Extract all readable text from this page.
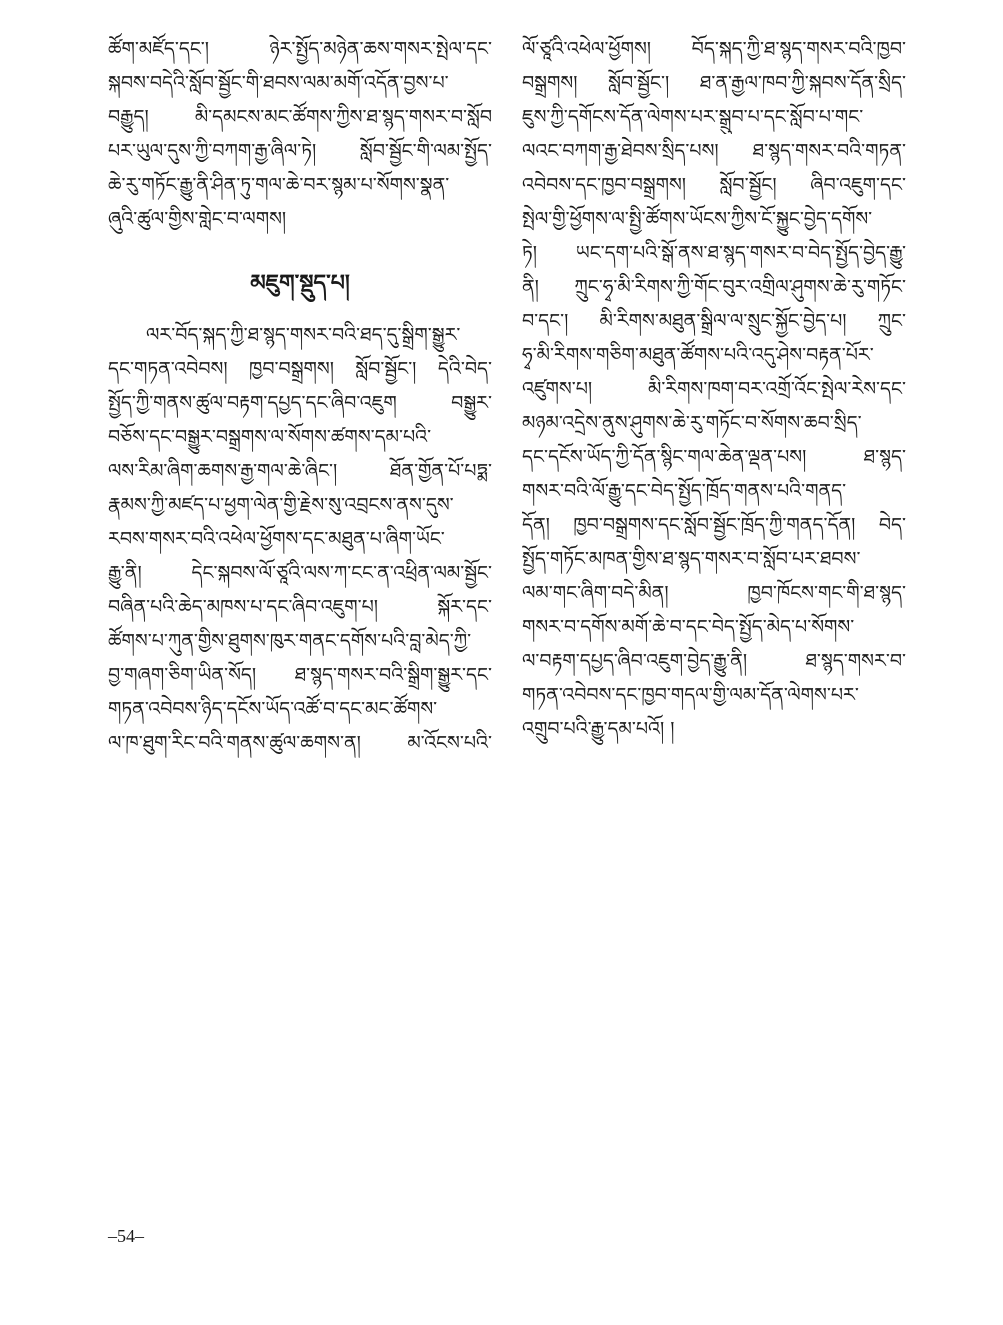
ཚོག་མཛོད་དང་། ཉེར་སྤྱོད་མཉེན་ཆས་གསར་སྤེལ་དང་
སྐབས་བདེའི་སློབ་སྦྱོང་གི་ཐབས་ལམ་མགོ་འདོན་བྱས་པ་
བརྒྱུད། མི་དམངས་མང་ཚོགས་ཀྱིས་ཐ་སྙད་གསར་བ་སློབ
པར་ཡུལ་དུས་ཀྱི་བཀག་རྒྱ་ཞིལ་ཏེ། སློབ་སྦྱོང་གི་ལམ་སྤྱོད་
ཆེ་རུ་གཏོང་རྒྱུ་ནི་ཤིན་ཏུ་གལ་ཆེ་བར་སྙམ་པ་སོགས་སྣན་
ཞུའི་ཚུལ་གྱིས་གླེང་བ་ལགས།
མཇུག་སྡུད་པ།
ལར་བོད་སྐད་ཀྱི་ཐ་སྙད་གསར་བའི་ཐད་དུ་སྒྲིག་སྒྱུར་
དང་གཏན་འབེབས། ཁྱབ་བསྒྲགས། སློབ་སྦྱོང་། དེའི་བེད་
སྤྱོད་ཀྱི་གནས་ཚུལ་བརྟག་དཔྱད་དང་ཞིབ་འཇུག བསྒྱུར་
བཅོས་དང་བསྒྱུར་བསྒྲགས་ལ་སོགས་ཚགས་དམ་པའི་
ལས་རིམ་ཞིག་ཆགས་རྒྱ་གལ་ཆེ་ཞིང་། ཐོན་གྱོན་པོ་པཏྨ་
རྣམས་ཀྱི་མཛད་པ་ཕྱག་ལེན་གྱི་རྗེས་སུ་འབྲངས་ནས་དུས་
རབས་གསར་བའི་འཕེལ་ཕྱོགས་དང་མཐུན་པ་ཞིག་ཡོང་
རྒྱུ་ནི། དེང་སྐབས་ལོ་ཙཱའི་ལས་ཀ་ངང་ན་འཕྲིན་ལམ་སྦྱོང་
བཞིན་པའི་ཆེད་མཁས་པ་དང་ཞིབ་འཇུག་པ། སྐོར་དང་
ཚོགས་པ་ཀུན་གྱིས་ཐུགས་ཁུར་གནང་དགོས་པའི་བླ་མེད་ཀྱི་
བྱ་གཞག་ཅིག་ཡིན་སོད། ཐ་སྙད་གསར་བའི་སྒྲིག་སྒྱུར་དང་
གཏན་འབེབས་ཉིད་དངོས་ཡོད་འཚོ་བ་དང་མང་ཚོགས་
ལ་ཁ་ཐུག་རིང་བའི་གནས་ཚུལ་ཆགས་ན། མ་འོངས་པའི་
ལོ་ཙཱའི་འཕེལ་ཕྱོགས། བོད་སྐད་ཀྱི་ཐ་སྙད་གསར་བའི་ཁྱབ་
བསྒྲགས། སློབ་སྦྱོང་། ཐ་ན་རྒྱལ་ཁབ་ཀྱི་སྐབས་དོན་སྲིད་
ཇུས་ཀྱི་དགོངས་དོན་ལེགས་པར་སྒྲུབ་པ་དང་སློབ་པ་གང་
ལའང་བཀག་རྒྱ་ཐེབས་སྲིད་པས། ཐ་སྙད་གསར་བའི་གཏན་
འབེབས་དང་ཁྱབ་བསྒྲགས། སློབ་སྦྱོང། ཞིབ་འཇུག་དང་
སྤེལ་གྱི་ཕྱོགས་ལ་སྤྱི་ཚོགས་ཡོངས་ཀྱིས་ངོ་སྐྱུང་བྱེད་དགོས་
ཏེ། ཡང་དག་པའི་སྒོ་ནས་ཐ་སྙད་གསར་བ་བེད་སྤྱོད་བྱེད་རྒྱུ་
ནི། ཀྲུང་ཧྭ་མི་རིགས་ཀྱི་གོང་བུར་འགྲིལ་ཤུགས་ཆེ་རུ་གཏོང་
བ་དང་། མི་རིགས་མཐུན་སྒྲིལ་ལ་སྲུང་སྐྱོང་བྱེད་པ། ཀྲུང་
ཧྭ་མི་རིགས་གཅིག་མཐུན་ཚོགས་པའི་འདུ་ཤེས་བརྟན་པོར་
འཛུགས་པ། མི་རིགས་ཁག་བར་འགྲོ་འོང་སྤེལ་རེས་དང་
མཉམ་འདྲེས་ནུས་ཤུགས་ཆེ་རུ་གཏོང་བ་སོགས་ཆབ་སྲིད་
དང་དངོས་ཡོད་ཀྱི་དོན་སྙིང་གལ་ཆེན་ལྡན་པས། ཐ་སྙད་
གསར་བའི་ལོ་རྒྱུ་དང་བེད་སྤྱོད་ཁྲོད་གནས་པའི་གནད་
དོན། ཁྱབ་བསྒྲགས་དང་སློབ་སྦྱོང་ཁྲོད་ཀྱི་གནད་དོན། བེད་
སྤྱོད་གཏོང་མཁན་གྱིས་ཐ་སྙད་གསར་བ་སློབ་པར་ཐབས་
ལམ་གང་ཞིག་བདེ་མིན། ཁྱབ་ཁོངས་གང་གི་ཐ་སྙད་
གསར་བ་དགོས་མགོ་ཆེ་བ་དང་བེད་སྤྱོད་མེད་པ་སོགས་
ལ་བརྟག་དཔྱད་ཞིབ་འཇུག་བྱེད་རྒྱུ་ནི། ཐ་སྙད་གསར་བ་
གཏན་འབེབས་དང་ཁྱབ་གདལ་གྱི་ལམ་དོན་ལེགས་པར་
འགྲུབ་པའི་རྒྱུ་དམ་པའོ། །
–54–
